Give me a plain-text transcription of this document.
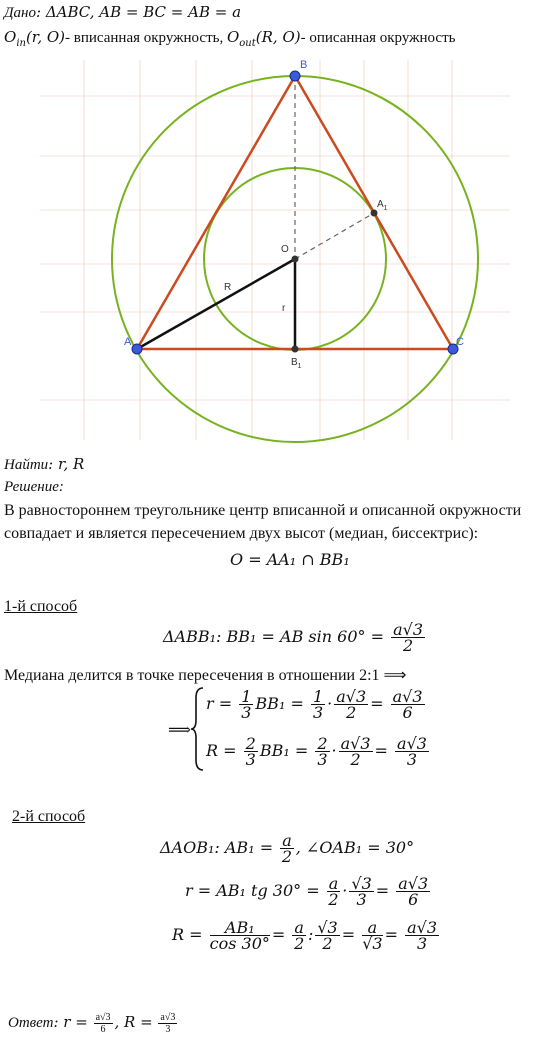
Дано: ΔABC, AB = BC = AB = a
$O_{in}(r$, O)- вписанная окружность, $O_{out}(R$, O)- описанная окружность
A
B
C
O
$A_1$
$B_1$
R
r
Найти: r, R
Решение:
В равностороннем треугольнике центр вписанной и описанной окружности
совпадает и является пересечением двух высот (медиан, биссектрис):
O = AA₁ ∩ BB₁
1-й способ
ΔABB₁: BB₁ = AB $\sin 60^\circ = \frac{a√3}{2}$
Медиана делится в точке пересечения в отношении 2:1 ⟹
⟹
$r = \frac{1}{3} BB_1 = \frac{1}{3} \cdot \frac{a√3}{2} = \frac{a√3}{6}$
$R = \frac{2}{3} BB_1 = \frac{2}{3} \cdot \frac{a√3}{2} = \frac{a√3}{3}$
2-й способ
ΔAOB₁: $AB_1 = \frac{a}{2}$ , ∠OAB₁ = 30°
r = AB₁ tg $30^\circ = \frac{a}{2} \cdot \frac{√3}{3} = \frac{a√3}{6}$
$R = \frac{\text{AB₁}}{\cos 30^\circ} = \frac{a}{2}$ : $\frac{√3}{2} = \frac{a}{√3} = \frac{a√3}{3}$
Ответ: $r = \frac{a√3}{6}$ , $R = \frac{a√3}{3}$
